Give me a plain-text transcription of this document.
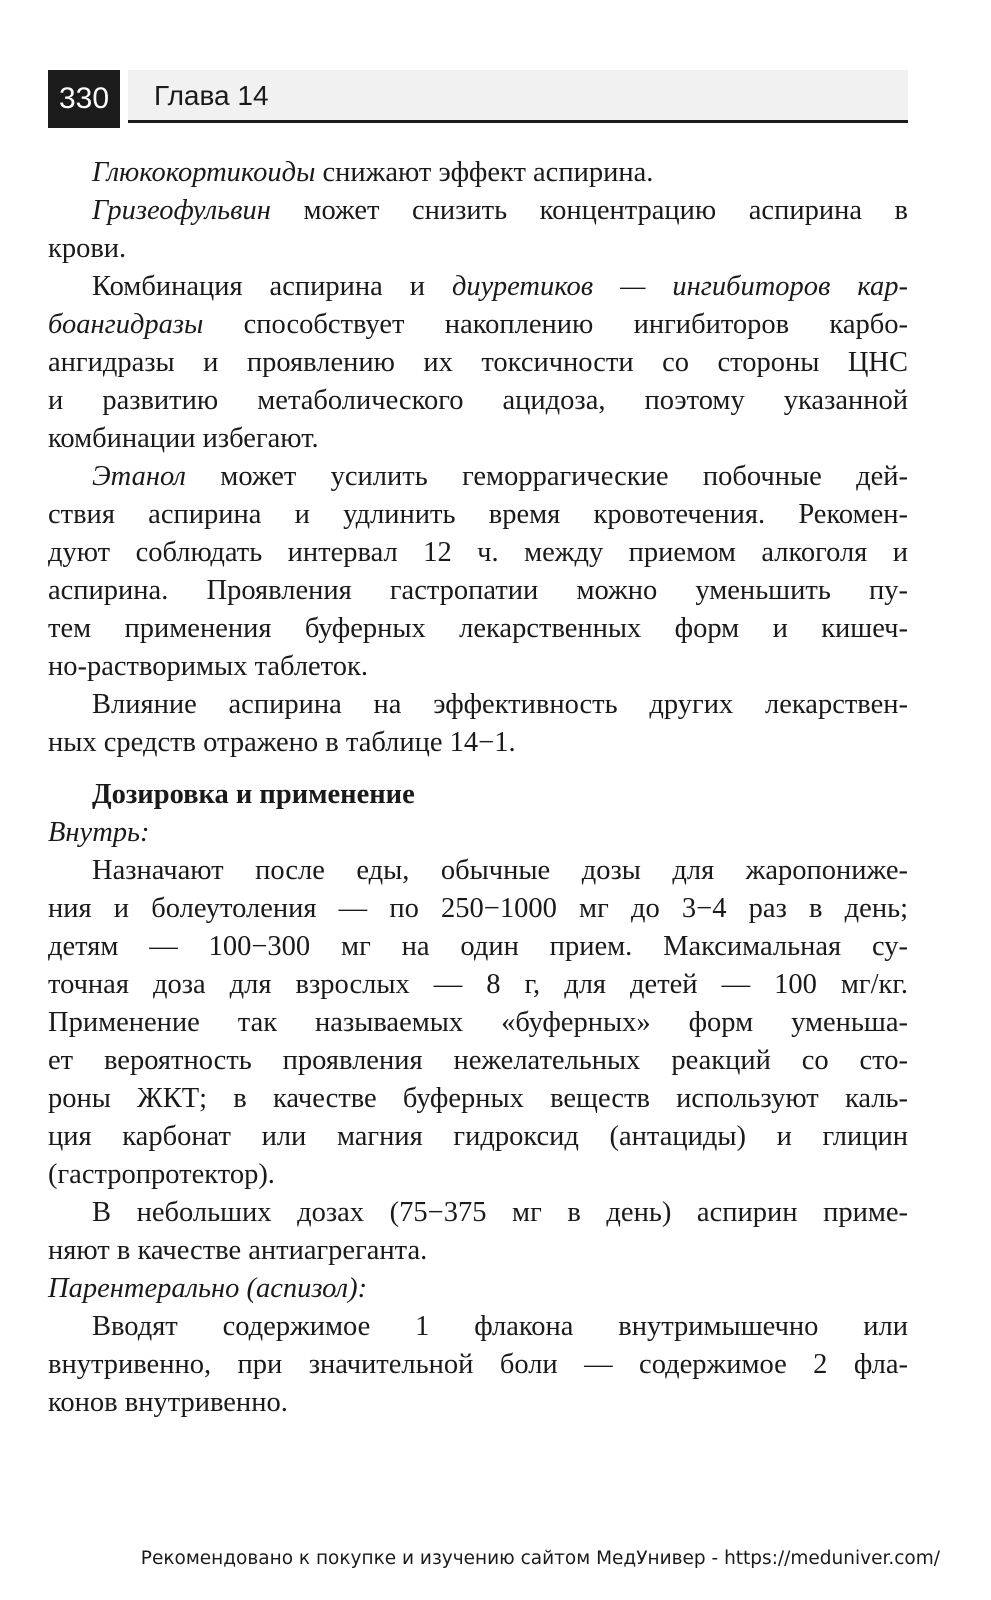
330	Глава 14
Глюкокортикоиды снижают эффект аспирина.
Гризеофульвин может снизить концентрацию аспирина в
крови.
Комбинация аспирина и диуретиков — ингибиторов кар-
боангидразы способствует накоплению ингибиторов карбо-
ангидразы и проявлению их токсичности со стороны ЦНС
и развитию метаболического ацидоза, поэтому указанной
комбинации избегают.
Этанол может усилить геморрагические побочные дей-
ствия аспирина и удлинить время кровотечения. Рекомен-
дуют соблюдать интервал 12 ч. между приемом алкоголя и
аспирина. Проявления гастропатии можно уменьшить пу-
тем применения буферных лекарственных форм и кишеч-
но-растворимых таблеток.
Влияние аспирина на эффективность других лекарствен-
ных средств отражено в таблице 14−1.
Дозировка и применение
Внутрь:
Назначают после еды, обычные дозы для жаропониже-
ния и болеутоления — по 250−1000 мг до 3−4 раз в день;
детям — 100−300 мг на один прием. Максимальная су-
точная доза для взрослых — 8 г, для детей — 100 мг/кг.
Применение так называемых «буферных» форм уменьша-
ет вероятность проявления нежелательных реакций со сто-
роны ЖКТ; в качестве буферных веществ используют каль-
ция карбонат или магния гидроксид (антациды) и глицин
(гастропротектор).
В небольших дозах (75−375 мг в день) аспирин приме-
няют в качестве антиагреганта.
Парентерально (аспизол):
Вводят содержимое 1 флакона внутримышечно или
внутривенно, при значительной боли — содержимое 2 фла-
конов внутривенно.
Рекомендовано к покупке и изучению сайтом МедУнивер - https://meduniver.com/
